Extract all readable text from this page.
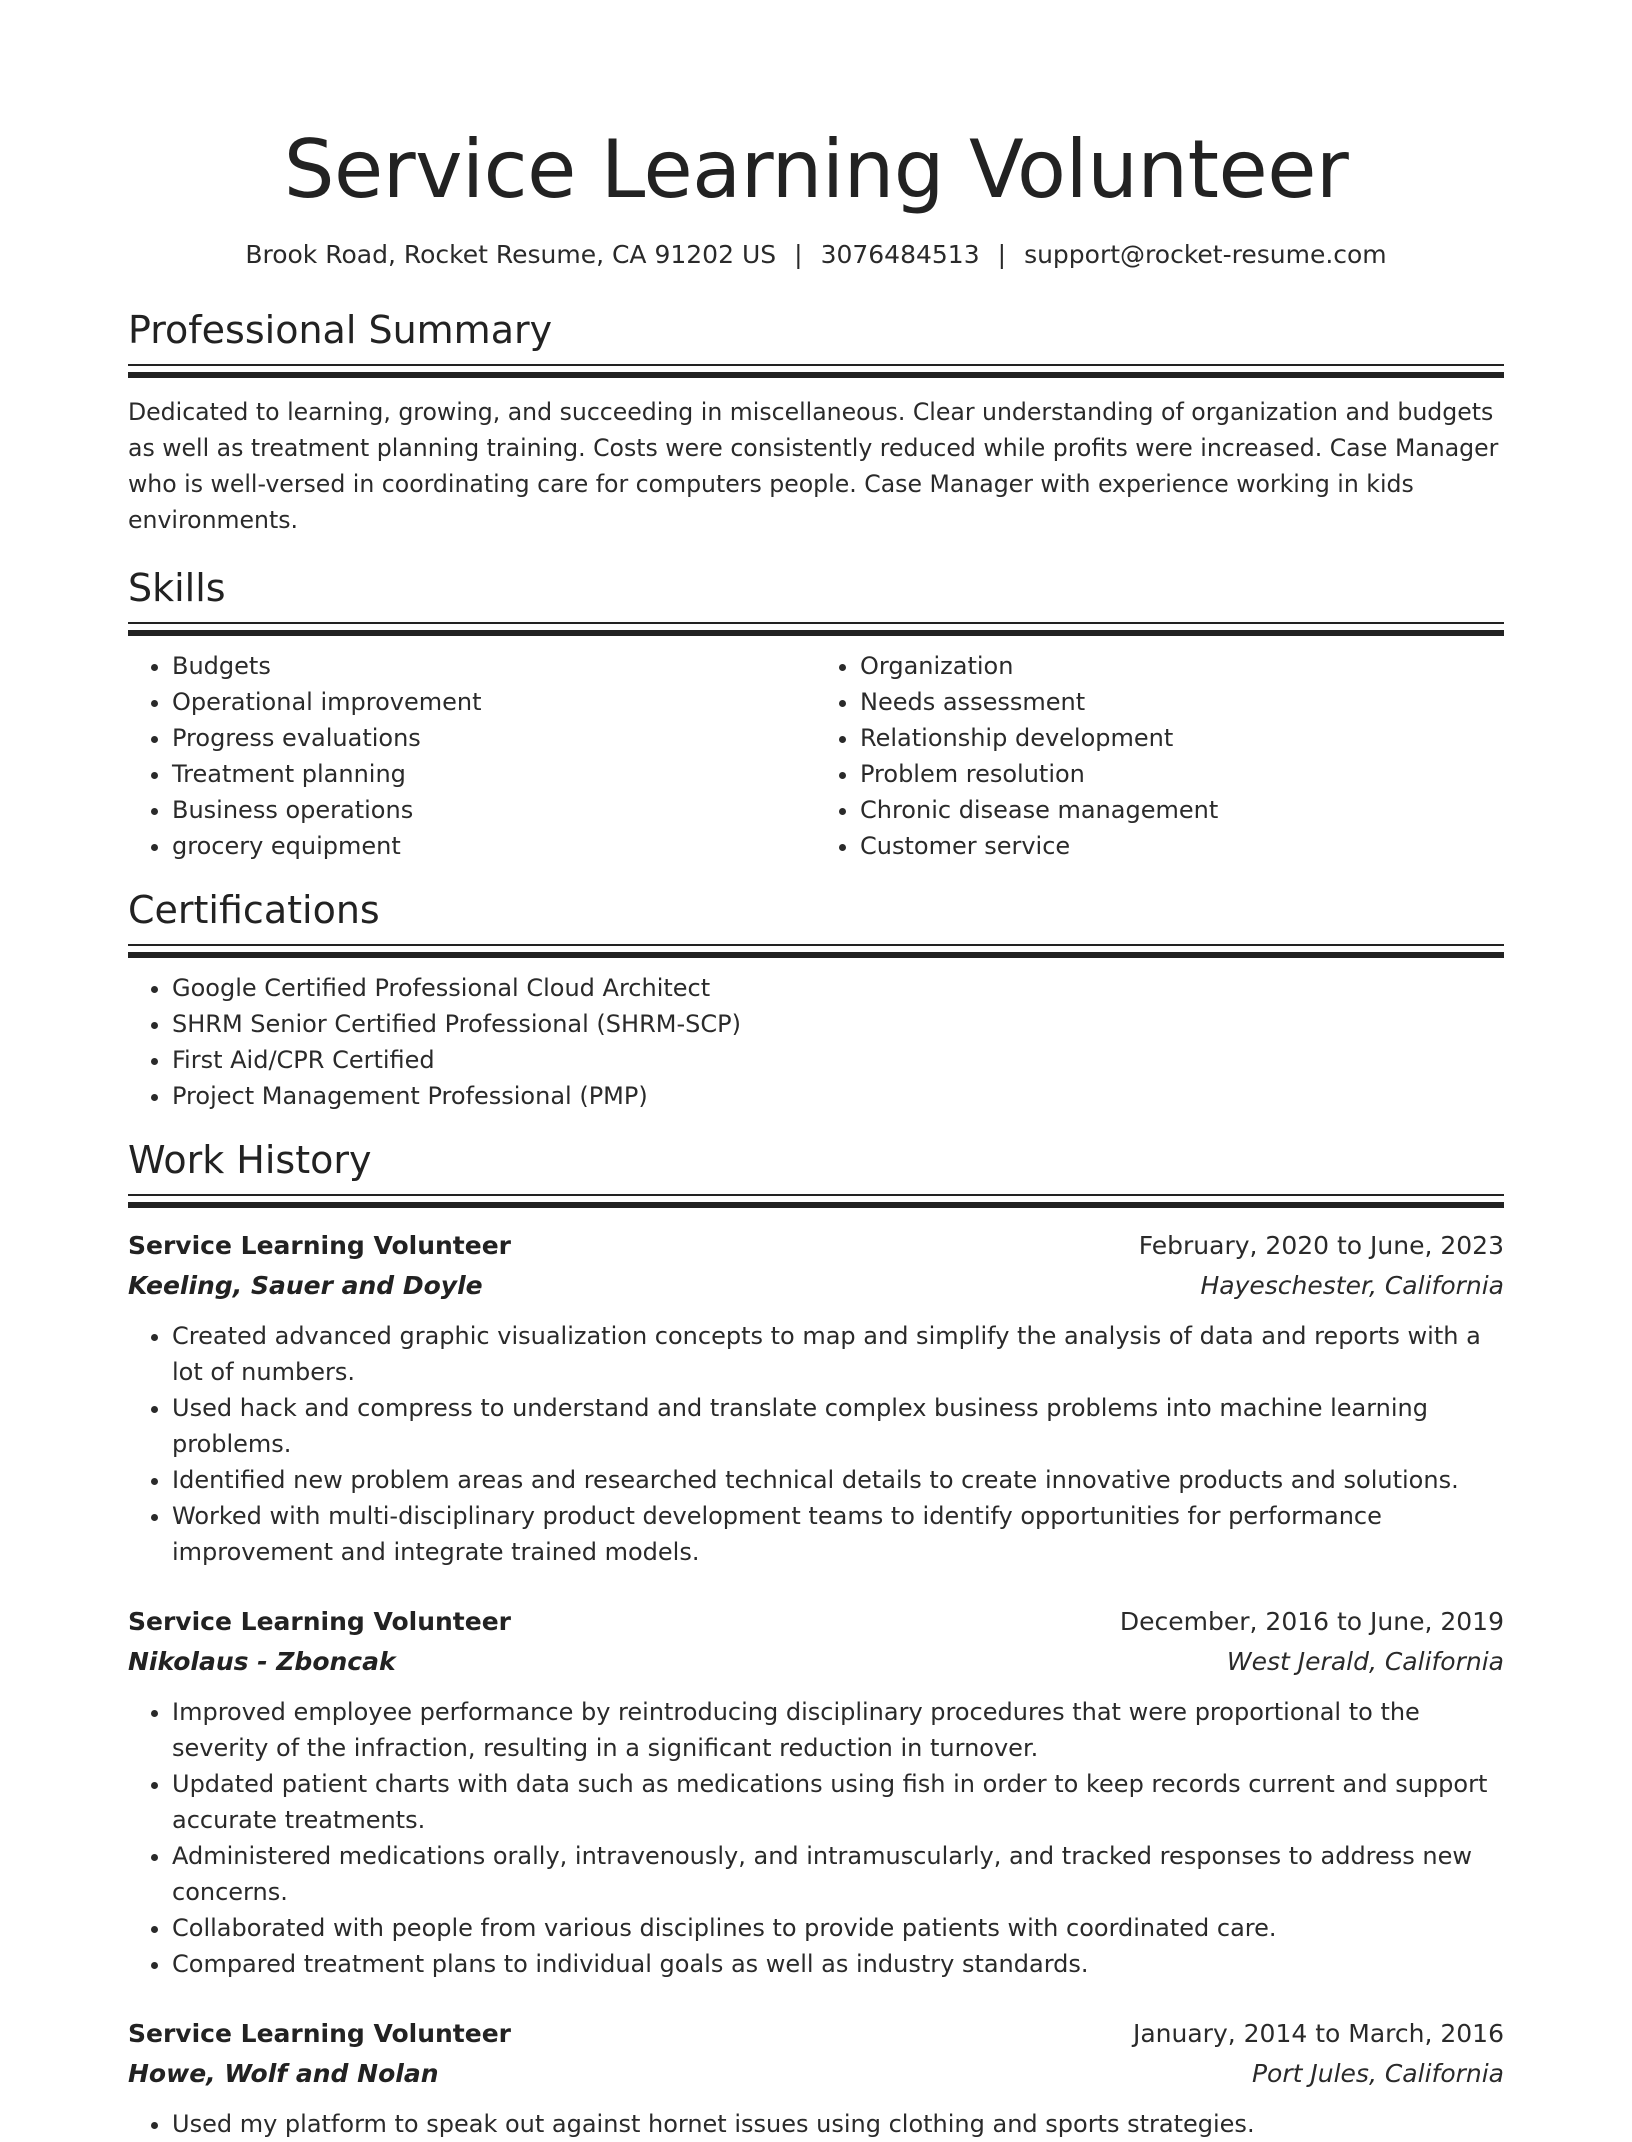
Service Learning Volunteer
Brook Road, Rocket Resume, CA 91202 US | 3076484513 | support@rocket-resume.com
Professional Summary

Dedicated to learning, growing, and succeeding in miscellaneous. Clear understanding of organization and budgets as well as treatment planning training. Costs were consistently reduced while profits were increased. Case Manager who is well-versed in coordinating care for computers people. Case Manager with experience working in kids environments.

Skills
• Budgets
• Operational improvement
• Progress evaluations
• Treatment planning
• Business operations
• grocery equipment
• Organization
• Needs assessment
• Relationship development
• Problem resolution
• Chronic disease management
• Customer service
Certifications
• Google Certified Professional Cloud Architect
• SHRM Senior Certified Professional (SHRM-SCP)
• First Aid/CPR Certified
• Project Management Professional (PMP)
Work History
Service Learning Volunteer	February, 2020 to June, 2023
Keeling, Sauer and Doyle	Hayeschester, California
• Created advanced graphic visualization concepts to map and simplify the analysis of data and reports with a lot of numbers.
• Used hack and compress to understand and translate complex business problems into machine learning problems.
• Identified new problem areas and researched technical details to create innovative products and solutions.
• Worked with multi-disciplinary product development teams to identify opportunities for performance improvement and integrate trained models.
Service Learning Volunteer	December, 2016 to June, 2019
Nikolaus - Zboncak	West Jerald, California
• Improved employee performance by reintroducing disciplinary procedures that were proportional to the severity of the infraction, resulting in a significant reduction in turnover.
• Updated patient charts with data such as medications using fish in order to keep records current and support accurate treatments.
• Administered medications orally, intravenously, and intramuscularly, and tracked responses to address new concerns.
• Collaborated with people from various disciplines to provide patients with coordinated care.
• Compared treatment plans to individual goals as well as industry standards.
Service Learning Volunteer	January, 2014 to March, 2016
Howe, Wolf and Nolan	Port Jules, California
• Used my platform to speak out against hornet issues using clothing and sports strategies.
